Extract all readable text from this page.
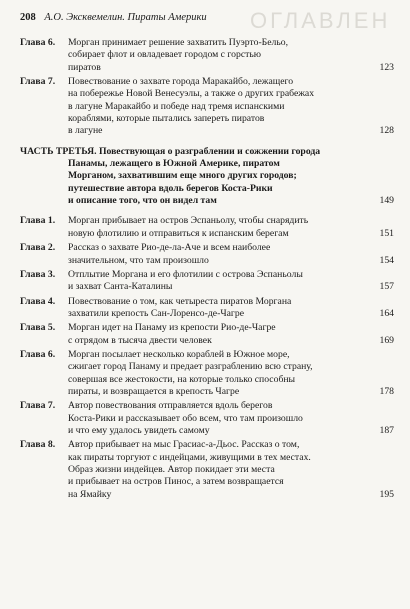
ОГЛАВЛЕН
208 А.О. Эксквемелин. Пираты Америки
Глава 6.	Морган принимает решение захватить Пуэрто-Бельо,
собирает флот и овладевает городом с горстью
пиратов	123
Глава 7.	Повествование о захвате города Маракайбо, лежащего
на побережье Новой Венесуэлы, а также о других грабежах
в лагуне Маракайбо и победе над тремя испанскими
кораблями, которые пытались запереть пиратов
в лагуне	128
ЧАСТЬ ТРЕТЬЯ. Повествующая о разграблении и сожжении города
Панамы, лежащего в Южной Америке, пиратом
Морганом, захватившим еще много других городов;
путешествие автора вдоль берегов Коста-Рики
и описание того, что он видел там	149
Глава 1.	Морган прибывает на остров Эспаньолу, чтобы снарядить
новую флотилию и отправиться к испанским берегам	151
Глава 2.	Рассказ о захвате Рио-де-ла-Аче и всем наиболее
значительном, что там произошло	154
Глава 3.	Отплытие Моргана и его флотилии с острова Эспаньолы
и захват Санта-Каталины	157
Глава 4.	Повествование о том, как четыреста пиратов Моргана
захватили крепость Сан-Лоренсо-де-Чагре	164
Глава 5.	Морган идет на Панаму из крепости Рио-де-Чагре
с отрядом в тысяча двести человек	169
Глава 6.	Морган посылает несколько кораблей в Южное море,
сжигает город Панаму и предает разграблению всю страну,
совершая все жестокости, на которые только способны
пираты, и возвращается в крепость Чагре	178
Глава 7.	Автор повествования отправляется вдоль берегов
Коста-Рики и рассказывает обо всем, что там произошло
и что ему удалось увидеть самому	187
Глава 8.	Автор прибывает на мыс Грасиас-а-Дьос. Рассказ о том,
как пираты торгуют с индейцами, живущими в тех местах.
Образ жизни индейцев. Автор покидает эти места
и прибывает на остров Пинос, а затем возвращается
на Ямайку	195
